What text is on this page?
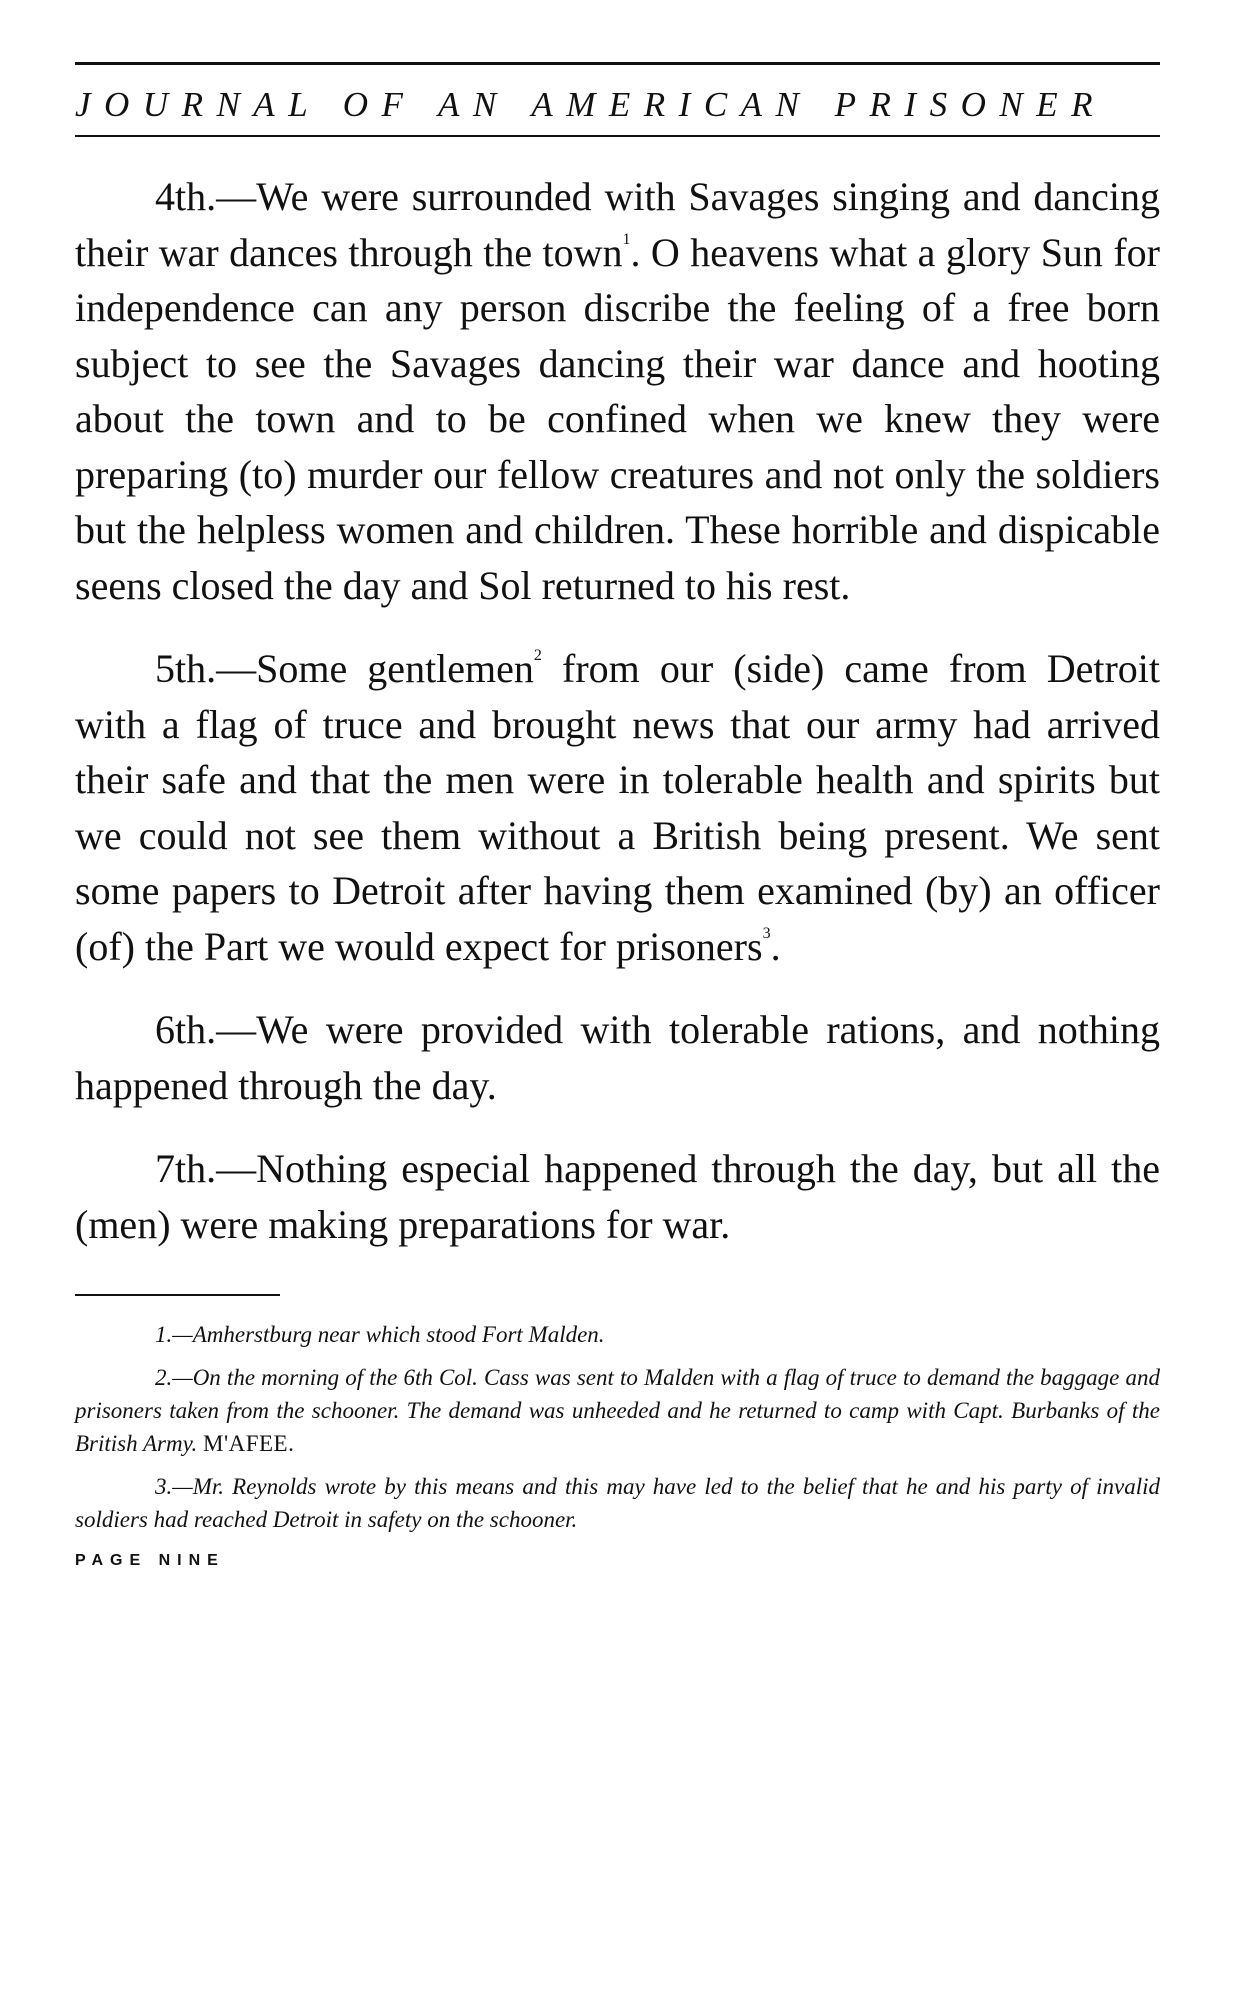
JOURNAL OF AN AMERICAN PRISONER

4th.—We were surrounded with Savages singing and dancing their war dances through the town$^1$. O heavens what a glory Sun for independence can any person discribe the feeling of a free born subject to see the Savages dancing their war dance and hooting about the town and to be confined when we knew they were preparing (to) murder our fellow creatures and not only the soldiers but the helpless women and children. These horrible and dispicable seens closed the day and Sol returned to his rest.

5th.—Some gentlemen$^2$ from our (side) came from Detroit with a flag of truce and brought news that our army had arrived their safe and that the men were in tolerable health and spirits but we could not see them without a British being present. We sent some papers to Detroit after having them examined (by) an officer (of) the Part we would expect for prisoners$^3$.

6th.—We were provided with tolerable rations, and nothing happened through the day.

7th.—Nothing especial happened through the day, but all the (men) were making preparations for war.

1.—Amherstburg near which stood Fort Malden.

2.—On the morning of the 6th Col. Cass was sent to Malden with a flag of truce to demand the baggage and prisoners taken from the schooner. The demand was unheeded and he returned to camp with Capt. Burbanks of the British Army. M'AFEE.

3.—Mr. Reynolds wrote by this means and this may have led to the belief that he and his party of invalid soldiers had reached Detroit in safety on the schooner.

PAGE NINE
